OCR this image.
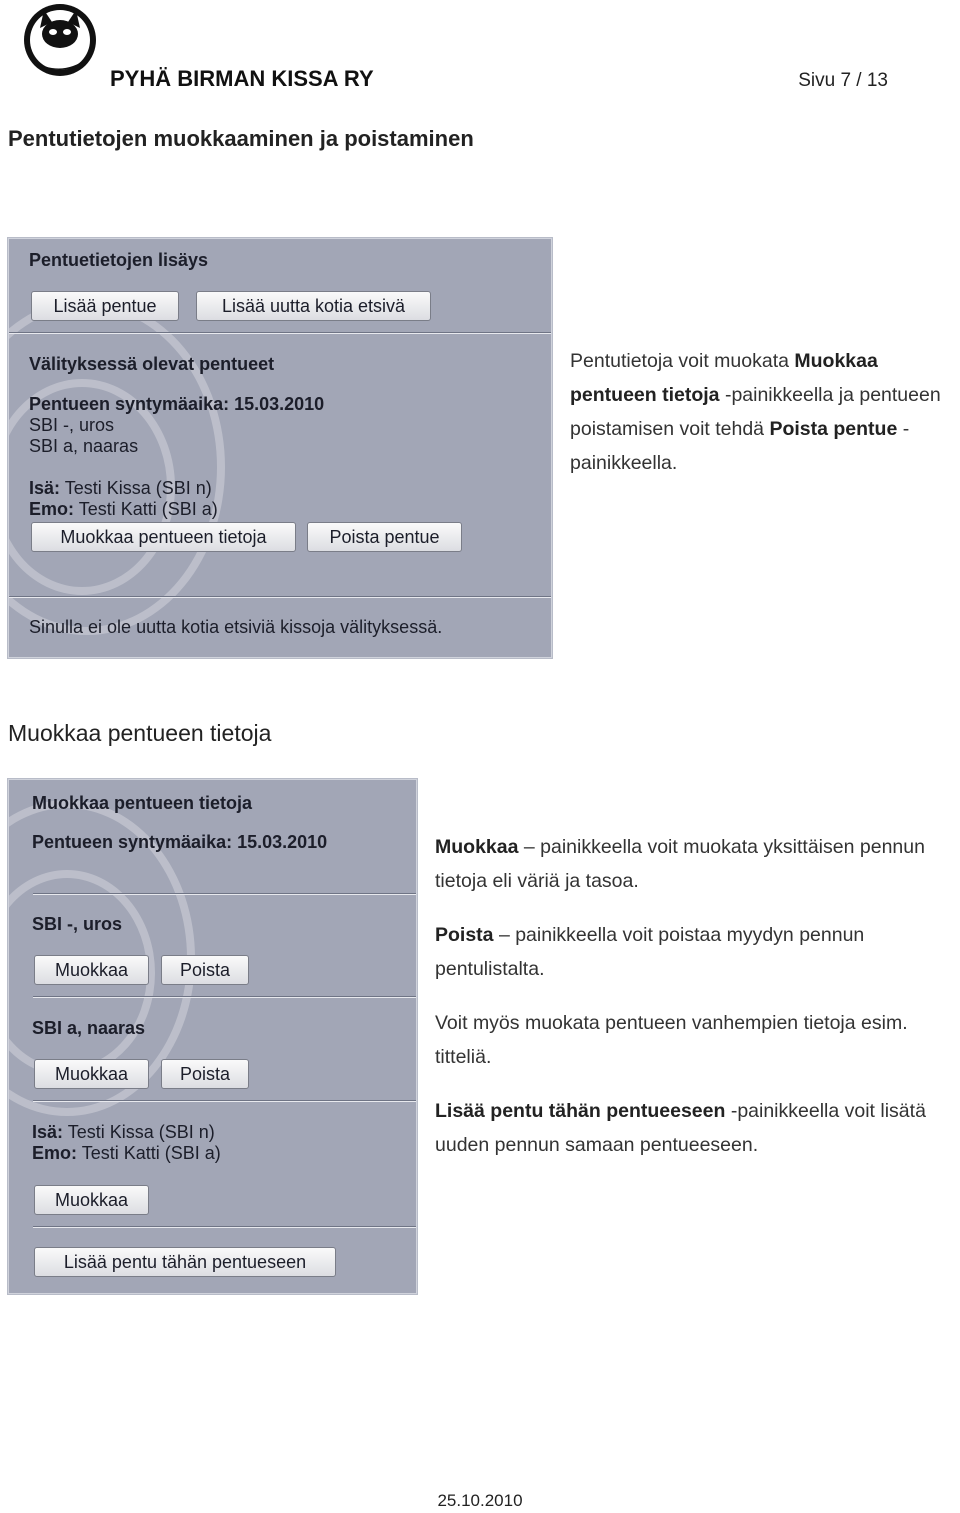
PYHÄ BIRMAN KISSA RY	Sivu 7 / 13
Pentutietojen muokkaaminen ja poistaminen
Pentuetietojen lisäys
Lisää pentue	Lisää uutta kotia etsivä
Välityksessä olevat pentueet
Pentueen syntymäaika: 15.03.2010
SBI -, uros
SBI a, naaras
Isä: Testi Kissa (SBI n)
Emo: Testi Katti (SBI a)
Muokkaa pentueen tietoja	Poista pentue
Sinulla ei ole uutta kotia etsiviä kissoja välityksessä.
Pentutietoja voit muokata Muokkaa pentueen tietoja -painikkeella ja pentueen poistamisen voit tehdä Poista pentue -painikkeella.
Muokkaa pentueen tietoja
Muokkaa pentueen tietoja
Pentueen syntymäaika: 15.03.2010
SBI -, uros
Muokkaa	Poista
SBI a, naaras
Muokkaa	Poista
Isä: Testi Kissa (SBI n)
Emo: Testi Katti (SBI a)
Muokkaa
Lisää pentu tähän pentueseen
Muokkaa – painikkeella voit muokata yksittäisen pennun tietoja eli väriä ja tasoa.
Poista – painikkeella voit poistaa myydyn pennun pentulistalta.
Voit myös muokata pentueen vanhempien tietoja esim. titteliä.
Lisää pentu tähän pentueeseen -painikkeella voit lisätä uuden pennun samaan pentueeseen.
25.10.2010
